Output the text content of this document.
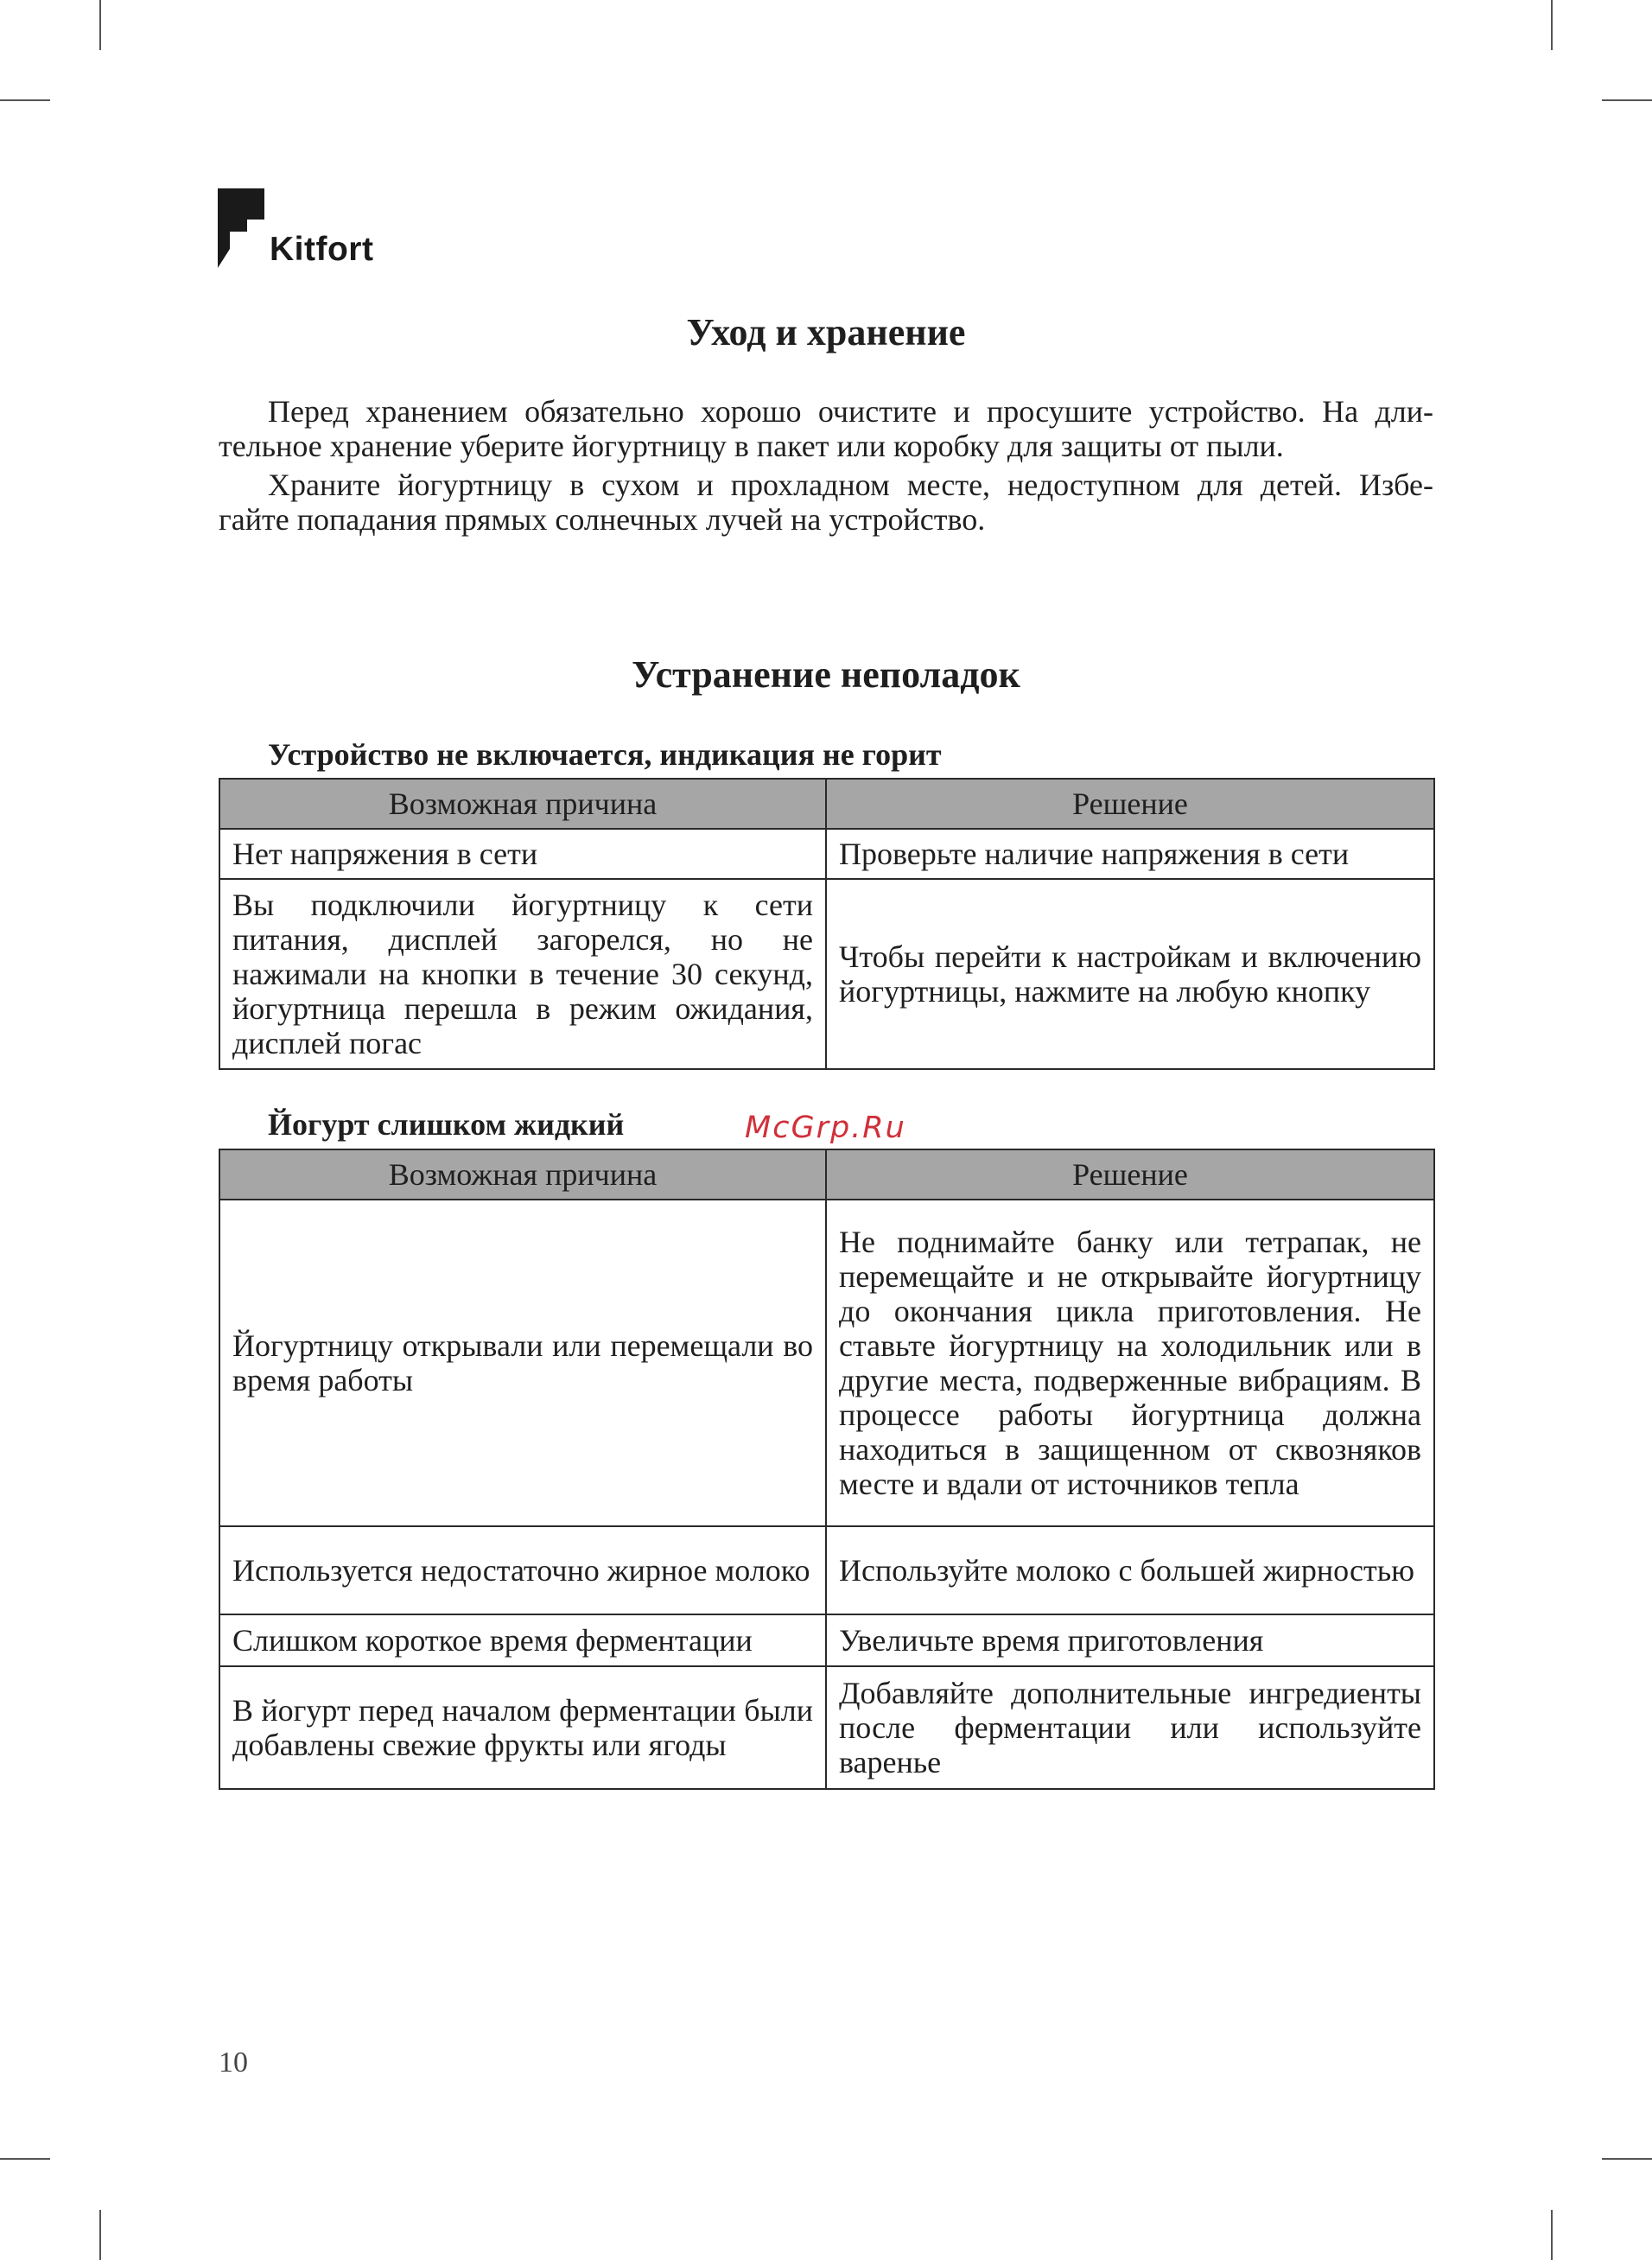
Kitfort
Уход и хранение
Перед хранением обязательно хорошо очистите и просушите устройство. На дли-
тельное хранение уберите йогуртницу в пакет или коробку для защиты от пыли.
Храните йогуртницу в сухом и прохладном месте, недоступном для детей. Избе-
гайте попадания прямых солнечных лучей на устройство.
Устранение неполадок
Устройство не включается, индикация не горит
Возможная причина	Решение
Нет напряжения в сети	Проверьте наличие напряжения в сети
Вы подключили йогуртницу к сети питания, дисплей загорелся, но не нажимали на кнопки в течение 30 секунд, йогуртница перешла в режим ожидания, дисплей погас	Чтобы перейти к настройкам и включению йогуртницы, нажмите на любую кнопку
Йогурт слишком жидкий
Возможная причина	Решение
Йогуртницу открывали или перемещали во время работы	Не поднимайте банку или тетрапак, не перемещайте и не открывайте йогуртницу до окончания цикла приготовления. Не ставьте йогуртницу на холодильник или в другие места, подверженные вибрациям. В процессе работы йогуртница должна находиться в защищенном от сквозняков месте и вдали от источников тепла
Используется недостаточно жирное молоко	Используйте молоко с большей жирностью
Слишком короткое время ферментации	Увеличьте время приготовления
В йогурт перед началом ферментации были добавлены свежие фрукты или ягоды	Добавляйте дополнительные ингредиенты после ферментации или используйте варенье
McGrp.Ru
10
